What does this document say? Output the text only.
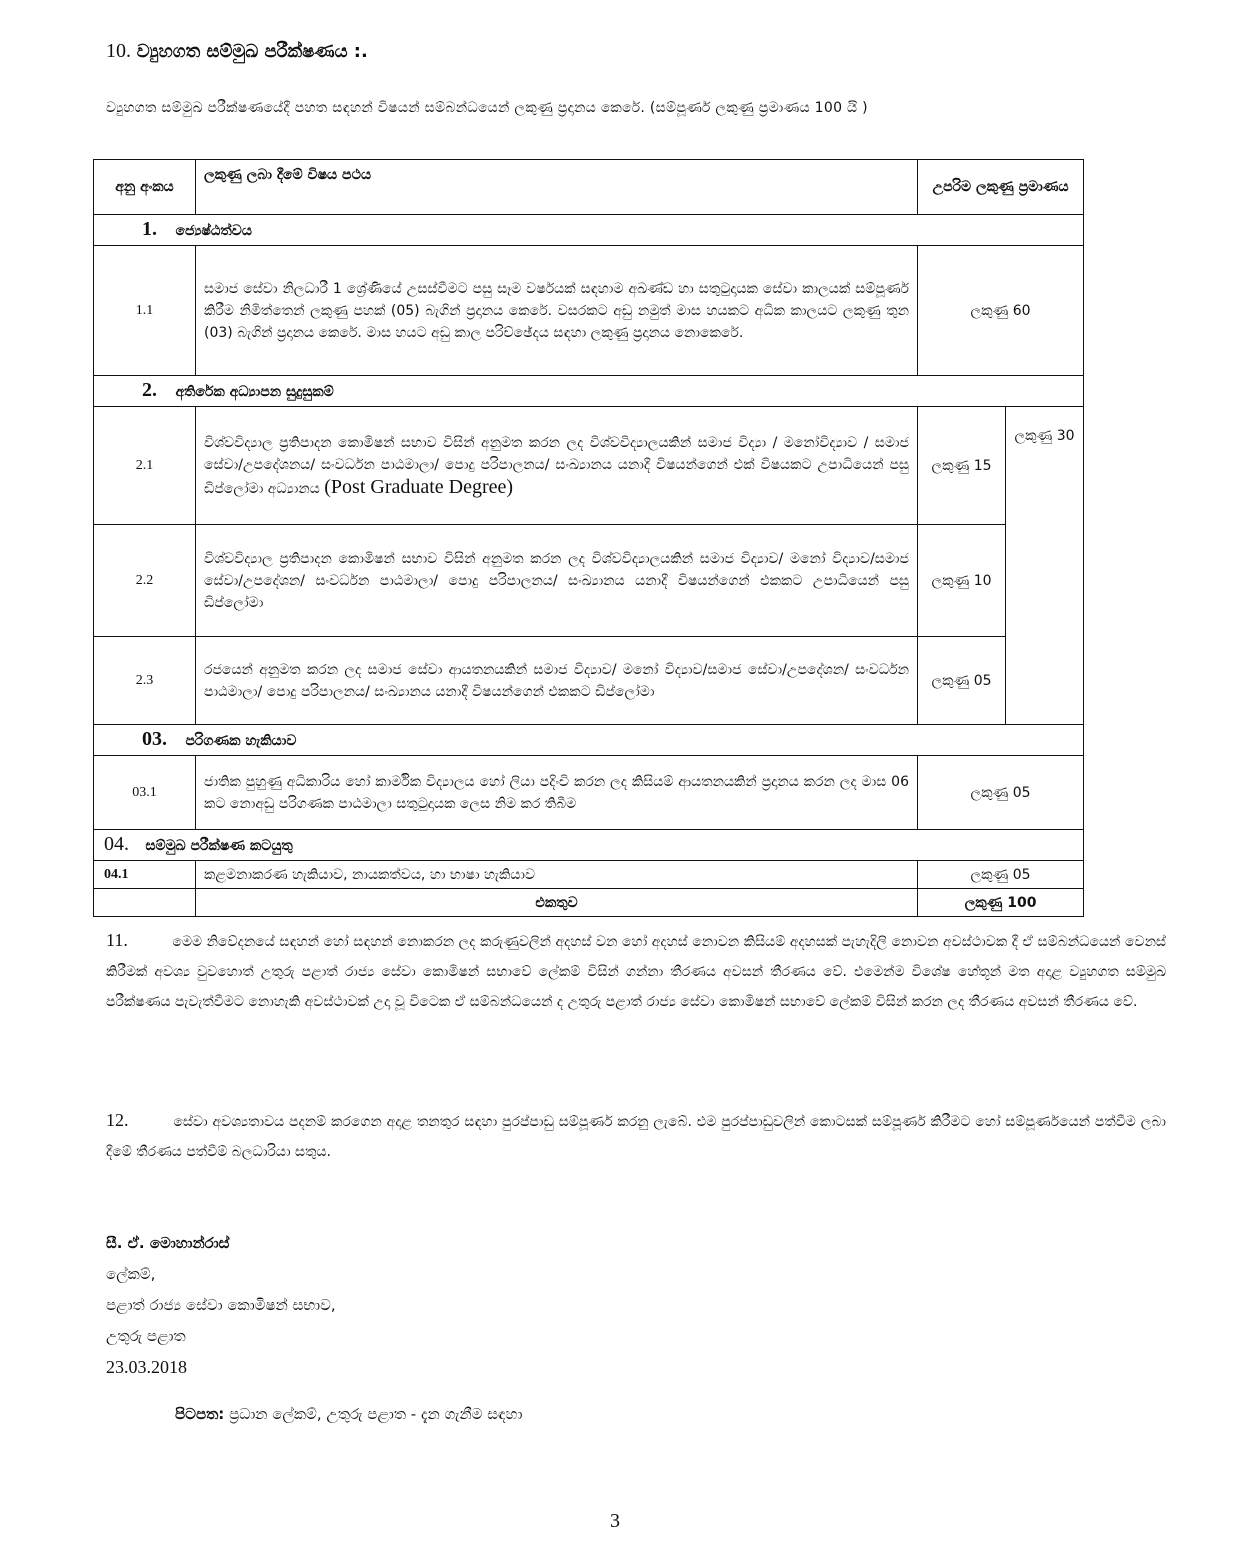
10. ව්‍යුහගත සම්මුඛ පරීක්ෂණය :.
ව්‍යුහගත සම්මුඛ පරීක්ෂණයේදී පහත සඳහන් විෂයන් සම්බන්ධයෙන් ලකුණු ප්‍රදානය කෙරේ. (සම්පූර්ණ ලකුණු ප්‍රමාණය 100 යි )
අනු අංකය	ලකුණු ලබා දීමේ විෂය පථය	උපරිම ලකුණු ප්‍රමාණය	
1. ජ්‍යෙෂ්ඨත්වය			
1.1	සමාජ සේවා නිලධාරී 1 ශ්‍රේණියේ උසස්වීමට පසු සෑම වර්ෂයක් සඳහාම අඛණ්ඩ හා සතුටුදායක සේවා කාලයක් සම්පූර්ණ කිරීම නිමිත්තෙන් ලකුණු පහක් (05) බැගින් ප්‍රදානය කෙරේ. වසරකට අඩු නමුත් මාස හයකට අධික කාලයට ලකුණු තුන (03) බැගින් ප්‍රදානය කෙරේ. මාස හයට අඩු කාල පරිච්ඡේදය සඳහා ලකුණු ප්‍රදානය නොකෙරේ.	ලකුණු 60	
2. අතිරේක අධ්‍යාපන සුදුසුකම්			
2.1	විශ්වවිද්‍යාල ප්‍රතිපාදන කොමිෂන් සභාව විසින් අනුමත කරන ලද විශ්වවිද්‍යාලයකින් සමාජ විද්‍යා / මනෝවිද්‍යාව / සමාජ සේවා/උපදේශනය/ සංවර්ධන පාඨමාලා/ පොදු පරිපාලනය/ සංඛ්‍යානය යනාදී විෂයන්ගෙන් එක් විෂයකට උපාධියෙන් පසු ඩිප්ලෝමා අධ්‍යානය (Post Graduate Degree)	ලකුණු 15	ලකුණු 30
2.2	විශ්වවිද්‍යාල ප්‍රතිපාදන කොමිෂන් සභාව විසින් අනුමත කරන ලද විශ්වවිද්‍යාලයකින් සමාජ විද්‍යාව/ මනෝ විද්‍යාව/සමාජ සේවා/උපදේශන/ සංවර්ධන පාඨමාලා/ පොදු පරිපාලනය/ සංඛ්‍යානය යනාදී විෂයන්ගෙන් එකකට උපාධියෙන් පසු ඩිප්ලෝමා	ලකුණු 10	
2.3	රජයෙන් අනුමත කරන ලද සමාජ සේවා ආයතනයකින් සමාජ විද්‍යාව/ මනෝ විද්‍යාව/සමාජ සේවා/උපදේශන/ සංවර්ධන පාඨමාලා/ පොදු පරිපාලනය/ සංඛ්‍යානය යනාදී විෂයන්ගෙන් එකකට ඩිප්ලෝමා	ලකුණු 05	
03. පරිගණක හැකියාව			
03.1	ජාතික පුහුණු අධිකාරිය හෝ කාර්මික විද්‍යාලය හෝ ලියා පදිංචි කරන ලද කිසියම් ආයතනයකින් ප්‍රදානය කරන ලද මාස 06 කට නොඅඩු පරිගණක පාඨමාලා සතුටුදායක ලෙස නිම කර තිබීම	ලකුණු 05	
04. සම්මුඛ පරීක්ෂණ කටයුතු			
04.1	කළමනාකරණ හැකියාව, නායකත්වය, හා භාෂා හැකියාව	ලකුණු 05	
	එකතුව	ලකුණු 100	
11.	මෙම නිවේදනයේ සඳහන් හෝ සඳහන් නොකරන ලද කරුණුවලින් අදහස් වන හෝ අදහස් නොවන කිසියම් අදහසක් පැහැදිලි නොවන අවස්ථාවක දී ඒ සම්බන්ධයෙන් වෙනස් කිරීමක් අවශ්‍ය වුවහොත් උතුරු පළාත් රාජ්‍ය සේවා කොමිෂන් සභාවේ ලේකම් විසින් ගන්නා තීරණය අවසන් තීරණය වේ. එමෙන්ම විශේෂ හේතූන් මත අදාළ ව්‍යුහගත සම්මුඛ පරීක්ෂණය පැවැත්වීමට නොහැකි අවස්ථාවක් උදා වූ විටෙක ඒ සම්බන්ධයෙන් ද උතුරු පළාත් රාජ්‍ය සේවා කොමිෂන් සභාවේ ලේකම් විසින් කරන ලද තීරණය අවසන් තීරණය වේ.
12.	සේවා අවශ්‍යතාවය පදනම් කරගෙන අදාළ තනතුර සඳහා පුරප්පාඩු සම්පූර්ණ කරනු ලැබේ. එම පුරප්පාඩුවලින් කොටසක් සම්පූර්ණ කිරීමට හෝ සම්පූර්ණයෙන් පත්වීම ලබා දීමේ තීරණය පත්වීම් බලධාරියා සතුය.
සී. ඒ. මොහාන්රාස්
ලේකම්,
පළාත් රාජ්‍ය සේවා කොමිෂන් සභාව,
උතුරු පළාත
23.03.2018
පිටපත: ප්‍රධාන ලේකම්, උතුරු පළාත - දැන ගැනීම සඳහා
3
